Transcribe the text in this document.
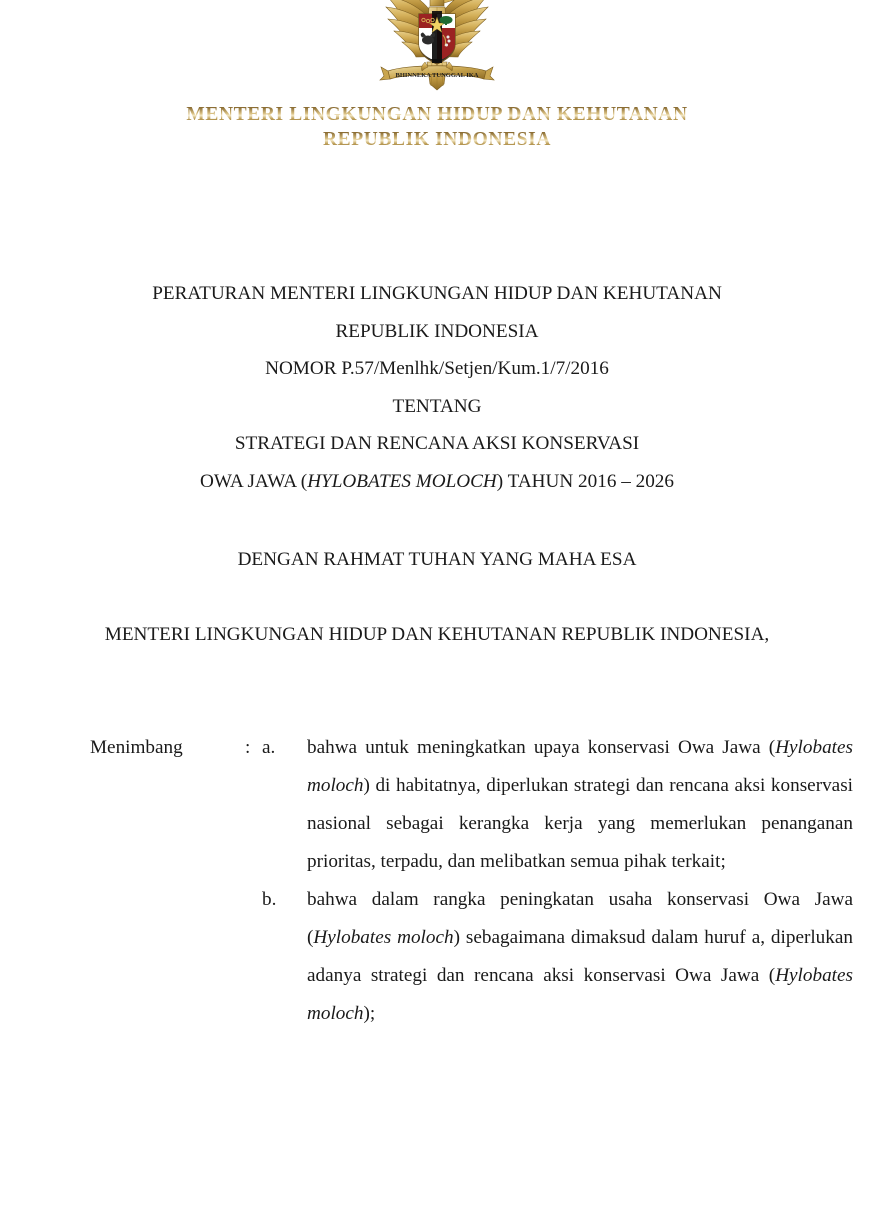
BHINNEKA TUNGGAL IKA
MENTERI LINGKUNGAN HIDUP DAN KEHUTANAN
REPUBLIK INDONESIA
PERATURAN MENTERI LINGKUNGAN HIDUP DAN KEHUTANAN
REPUBLIK INDONESIA
NOMOR P.57/Menlhk/Setjen/Kum.1/7/2016
TENTANG
STRATEGI DAN RENCANA AKSI KONSERVASI
OWA JAWA (HYLOBATES MOLOCH) TAHUN 2016 – 2026
DENGAN RAHMAT TUHAN YANG MAHA ESA
MENTERI LINGKUNGAN HIDUP DAN KEHUTANAN REPUBLIK INDONESIA,
Menimbang	: a.	bahwa untuk meningkatkan upaya konservasi Owa Jawa (Hylobates moloch) di habitatnya, diperlukan strategi dan rencana aksi konservasi nasional sebagai kerangka kerja yang memerlukan penanganan prioritas, terpadu, dan melibatkan semua pihak terkait;
b.	bahwa dalam rangka peningkatan usaha konservasi Owa Jawa (Hylobates moloch) sebagaimana dimaksud dalam huruf a, diperlukan adanya strategi dan rencana aksi konservasi Owa Jawa (Hylobates moloch);
